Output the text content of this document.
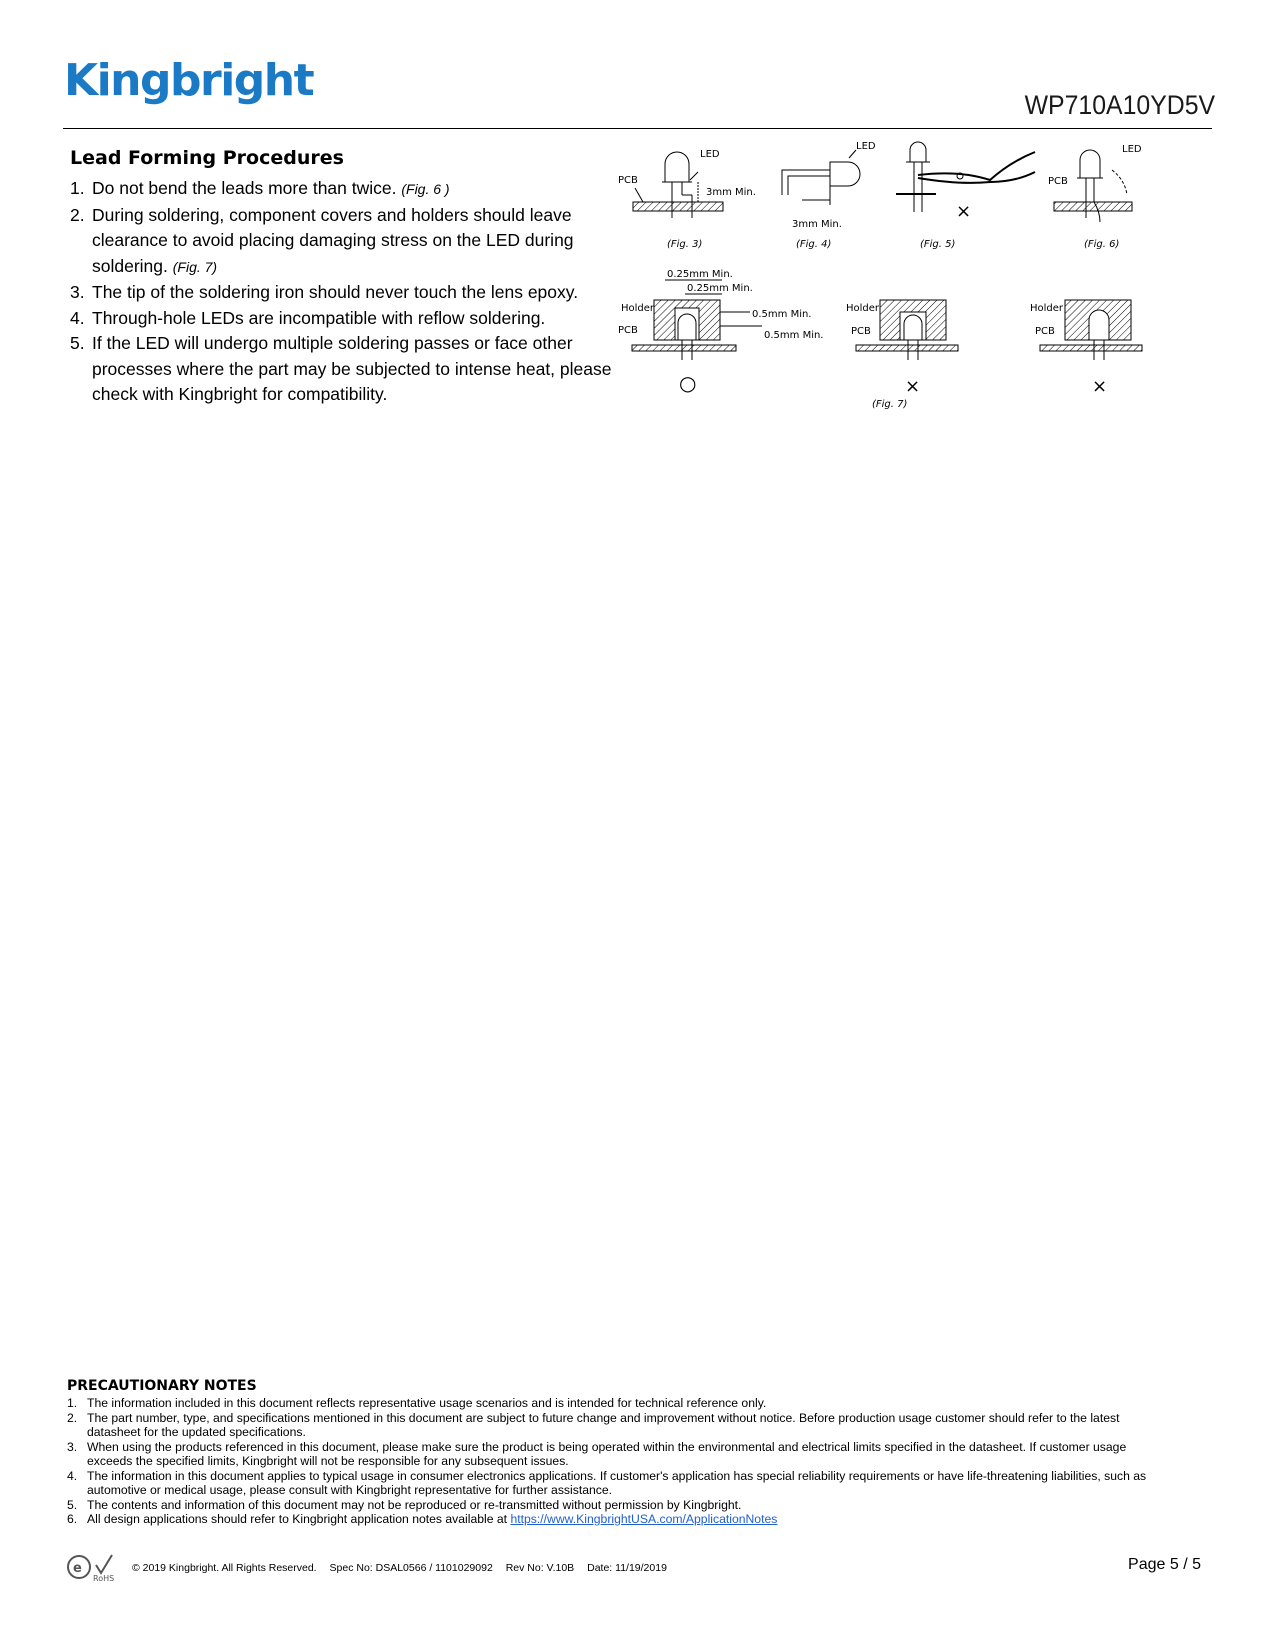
Kingbright	WP710A10YD5V
Lead Forming Procedures
1. Do not bend the leads more than twice. (Fig. 6 )
2. During soldering, component covers and holders should leave clearance to avoid placing damaging stress on the LED during soldering. (Fig. 7)
3. The tip of the soldering iron should never touch the lens epoxy.
4. Through-hole LEDs are incompatible with reflow soldering.
5. If the LED will undergo multiple soldering passes or face other processes where the part may be subjected to intense heat, please check with Kingbright for compatibility.
LED
PCB
3mm Min.
(Fig. 3)
LED
3mm Min.
(Fig. 4)
×
(Fig. 5)
LED
PCB
(Fig. 6)
0.25mm Min.
0.25mm Min.
0.5mm Min.
0.5mm Min.
Holder
PCB
○
Holder
PCB
×
(Fig. 7)
Holder
PCB
×
PRECAUTIONARY NOTES
1. The information included in this document reflects representative usage scenarios and is intended for technical reference only.
2. The part number, type, and specifications mentioned in this document are subject to future change and improvement without notice. Before production usage customer should refer to the latest datasheet for the updated specifications.
3. When using the products referenced in this document, please make sure the product is being operated within the environmental and electrical limits specified in the datasheet. If customer usage exceeds the specified limits, Kingbright will not be responsible for any subsequent issues.
4. The information in this document applies to typical usage in consumer electronics applications. If customer's application has special reliability requirements or have life-threatening liabilities, such as automotive or medical usage, please consult with Kingbright representative for further assistance.
5. The contents and information of this document may not be reproduced or re-transmitted without permission by Kingbright.
6. All design applications should refer to Kingbright application notes available at https://www.KingbrightUSA.com/ApplicationNotes
e
RoHS
© 2019 Kingbright. All Rights Reserved. Spec No: DSAL0566 / 1101029092 Rev No: V.10B Date: 11/19/2019	Page 5 / 5
